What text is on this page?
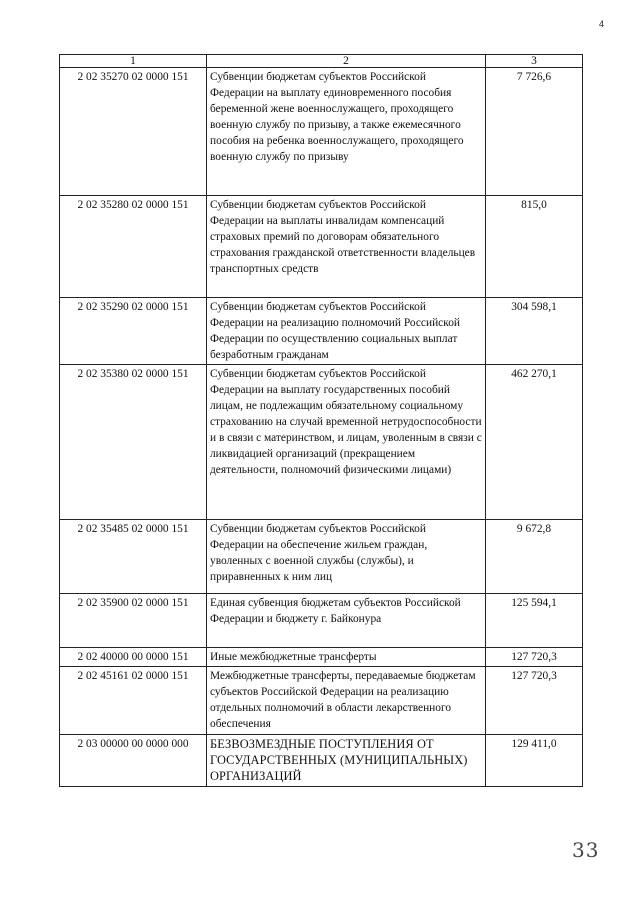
4
1	2	3
2 02 35270 02 0000 151	Субвенции бюджетам субъектов Российской Федерации на выплату единовременного пособия беременной жене военнослужащего, проходящего военную службу по призыву, а также ежемесячного пособия на ребенка военнослужащего, проходящего военную службу по призыву	7 726,6
2 02 35280 02 0000 151	Субвенции бюджетам субъектов Российской Федерации на выплаты инвалидам компенсаций страховых премий по договорам обязательного страхования гражданской ответственности владельцев транспортных средств	815,0
2 02 35290 02 0000 151	Субвенции бюджетам субъектов Российской Федерации на реализацию полномочий Российской Федерации по осуществлению социальных выплат безработным гражданам	304 598,1
2 02 35380 02 0000 151	Субвенции бюджетам субъектов Российской Федерации на выплату государственных пособий лицам, не подлежащим обязательному социальному страхованию на случай временной нетрудоспособности и в связи с материнством, и лицам, уволенным в связи с ликвидацией организаций (прекращением деятельности, полномочий физическими лицами)	462 270,1
2 02 35485 02 0000 151	Субвенции бюджетам субъектов Российской Федерации на обеспечение жильем граждан, уволенных с военной службы (службы), и приравненных к ним лиц	9 672,8
2 02 35900 02 0000 151	Единая субвенция бюджетам субъектов Российской Федерации и бюджету г. Байконура	125 594,1
2 02 40000 00 0000 151	Иные межбюджетные трансферты	127 720,3
2 02 45161 02 0000 151	Межбюджетные трансферты, передаваемые бюджетам субъектов Российской Федерации на реализацию отдельных полномочий в области лекарственного обеспечения	127 720,3
2 03 00000 00 0000 000	БЕЗВОЗМЕЗДНЫЕ ПОСТУПЛЕНИЯ ОТ ГОСУДАРСТВЕННЫХ (МУНИЦИПАЛЬНЫХ) ОРГАНИЗАЦИЙ	129 411,0
33
